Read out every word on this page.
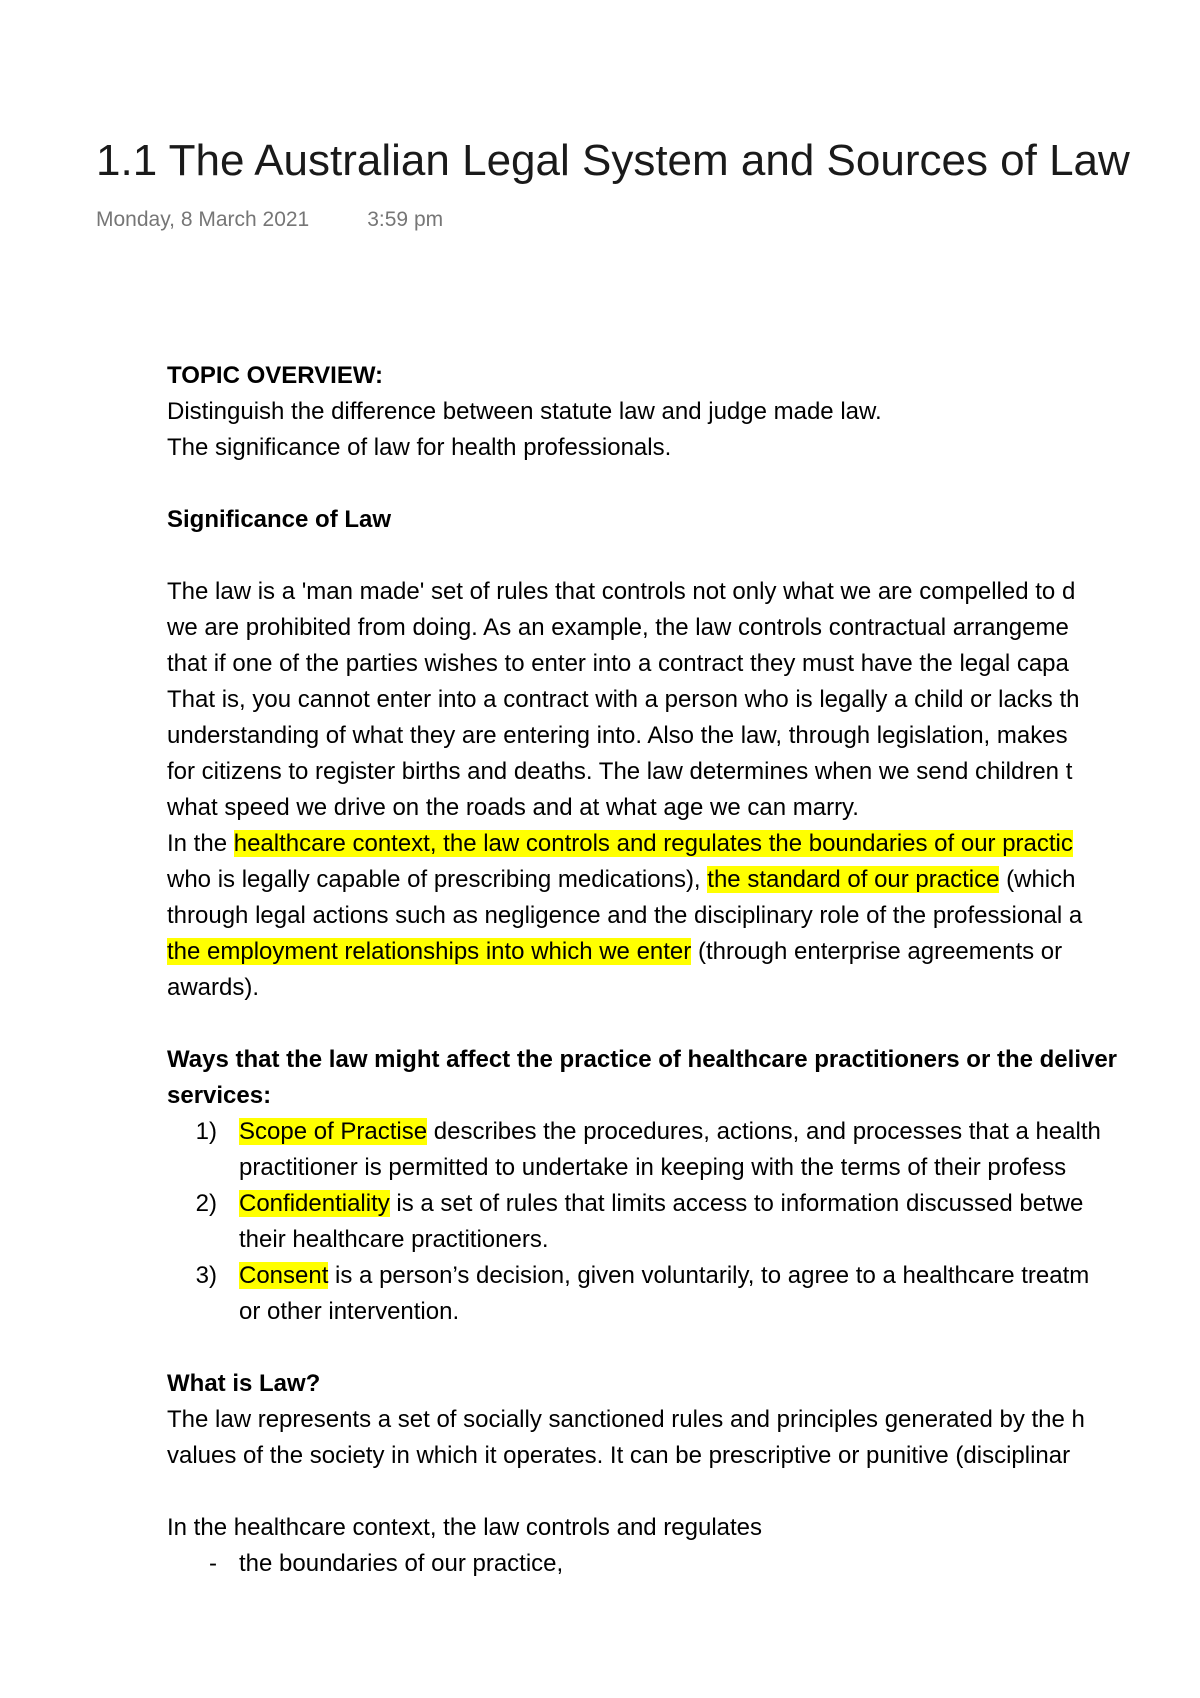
1.1 The Australian Legal System and Sources of Law
Monday, 8 March 2021	3:59 pm
TOPIC OVERVIEW:
Distinguish the difference between statute law and judge made law.
The significance of law for health professionals.
Significance of Law
The law is a 'man made' set of rules that controls not only what we are compelled to d
we are prohibited from doing. As an example, the law controls contractual arrangeme
that if one of the parties wishes to enter into a contract they must have the legal capa
That is, you cannot enter into a contract with a person who is legally a child or lacks th
understanding of what they are entering into. Also the law, through legislation, makes
for citizens to register births and deaths. The law determines when we send children t
what speed we drive on the roads and at what age we can marry.
In the healthcare context, the law controls and regulates the boundaries of our practic
who is legally capable of prescribing medications), the standard of our practice (which
through legal actions such as negligence and the disciplinary role of the professional a
the employment relationships into which we enter (through enterprise agreements or
awards).
Ways that the law might affect the practice of healthcare practitioners or the deliver
services:
1) Scope of Practise describes the procedures, actions, and processes that a health
practitioner is permitted to undertake in keeping with the terms of their profess
2) Confidentiality is a set of rules that limits access to information discussed betwe
their healthcare practitioners.
3) Consent is a person’s decision, given voluntarily, to agree to a healthcare treatm
or other intervention.
What is Law?
The law represents a set of socially sanctioned rules and principles generated by the h
values of the society in which it operates. It can be prescriptive or punitive (disciplinar
In the healthcare context, the law controls and regulates
- the boundaries of our practice,
